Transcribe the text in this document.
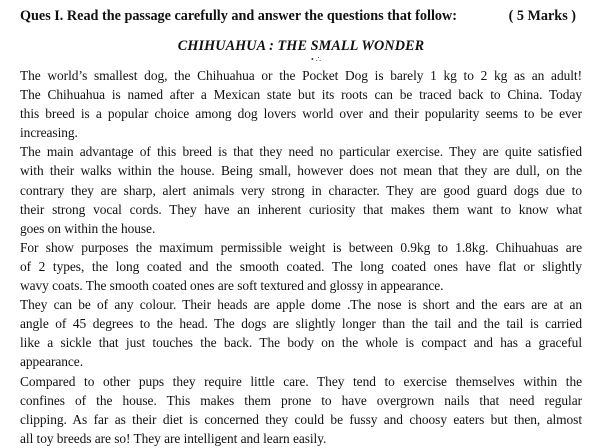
Ques I. Read the passage carefully and answer the questions that follow:	( 5 Marks )
CHIHUAHUA : THE SMALL WONDER
• ∴
The world’s smallest dog, the Chihuahua or the Pocket Dog is barely 1 kg to 2 kg as an adult!
The Chihuahua is named after a Mexican state but its roots can be traced back to China. Today
this breed is a popular choice among dog lovers world over and their popularity seems to be ever
increasing.
The main advantage of this breed is that they need no particular exercise. They are quite satisfied
with their walks within the house. Being small, however does not mean that they are dull, on the
contrary they are sharp, alert animals very strong in character. They are good guard dogs due to
their strong vocal cords. They have an inherent curiosity that makes them want to know what
goes on within the house.
For show purposes the maximum permissible weight is between 0.9kg to 1.8kg. Chihuahuas are
of 2 types, the long coated and the smooth coated. The long coated ones have flat or slightly
wavy coats. The smooth coated ones are soft textured and glossy in appearance.
They can be of any colour. Their heads are apple dome .The nose is short and the ears are at an
angle of 45 degrees to the head. The dogs are slightly longer than the tail and the tail is carried
like a sickle that just touches the back. The body on the whole is compact and has a graceful
appearance.
Compared to other pups they require little care. They tend to exercise themselves within the
confines of the house. This makes them prone to have overgrown nails that need regular
clipping. As far as their diet is concerned they could be fussy and choosy eaters but then, almost
all toy breeds are so! They are intelligent and learn easily.
